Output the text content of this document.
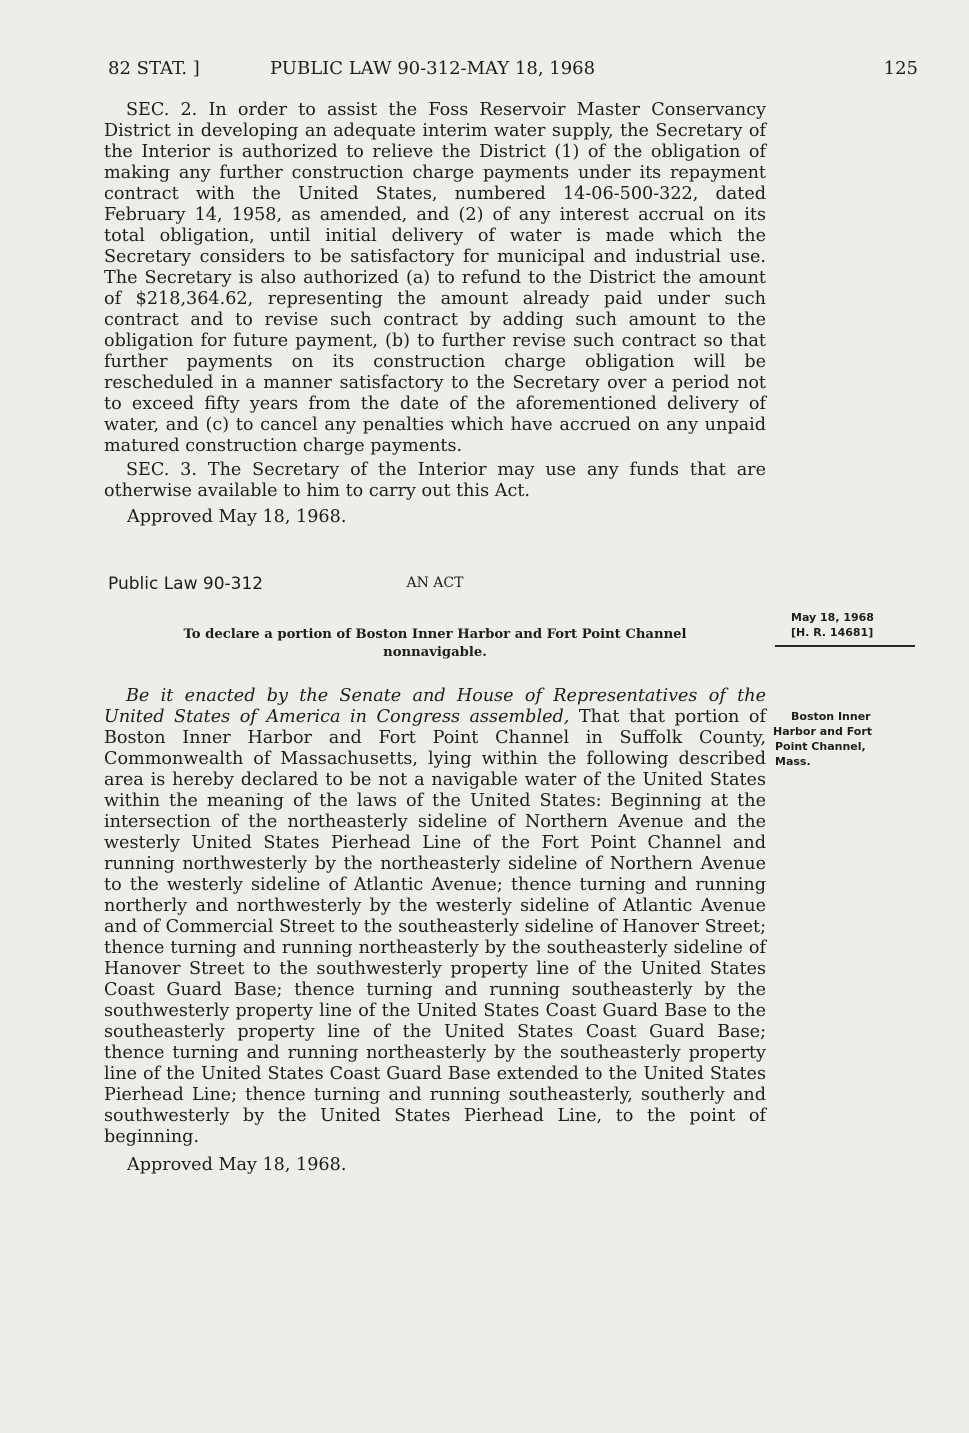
82 STAT. ]	PUBLIC LAW 90-312-MAY 18, 1968	125

SEC. 2. In order to assist the Foss Reservoir Master Conservancy District in developing an adequate interim water supply, the Secretary of the Interior is authorized to relieve the District (1) of the obligation of making any further construction charge payments under its repayment contract with the United States, numbered 14-06-500-322, dated February 14, 1958, as amended, and (2) of any interest accrual on its total obligation, until initial delivery of water is made which the Secretary considers to be satisfactory for municipal and industrial use. The Secretary is also authorized (a) to refund to the District the amount of $218,364.62, representing the amount already paid under such contract and to revise such contract by adding such amount to the obligation for future payment, (b) to further revise such contract so that further payments on its construction charge obligation will be rescheduled in a manner satisfactory to the Secretary over a period not to exceed fifty years from the date of the aforementioned delivery of water, and (c) to cancel any penalties which have accrued on any unpaid matured construction charge payments.

SEC. 3. The Secretary of the Interior may use any funds that are otherwise available to him to carry out this Act.

Approved May 18, 1968.
Public Law 90-312	AN ACT
To declare a portion of Boston Inner Harbor and Fort Point Channel
nonnavigable.

Be it enacted by the Senate and House of Representatives of the United States of America in Congress assembled, That that portion of Boston Inner Harbor and Fort Point Channel in Suffolk County, Commonwealth of Massachusetts, lying within the following described area is hereby declared to be not a navigable water of the United States within the meaning of the laws of the United States: Beginning at the intersection of the northeasterly sideline of Northern Avenue and the westerly United States Pierhead Line of the Fort Point Channel and running northwesterly by the northeasterly sideline of Northern Avenue to the westerly sideline of Atlantic Avenue; thence turning and running northerly and northwesterly by the westerly sideline of Atlantic Avenue and of Commercial Street to the southeasterly sideline of Hanover Street; thence turning and running northeasterly by the southeasterly sideline of Hanover Street to the southwesterly property line of the United States Coast Guard Base; thence turning and running southeasterly by the southwesterly property line of the United States Coast Guard Base to the southeasterly property line of the United States Coast Guard Base; thence turning and running northeasterly by the southeasterly property line of the United States Coast Guard Base extended to the United States Pierhead Line; thence turning and running southeasterly, southerly and southwesterly by the United States Pierhead Line, to the point of beginning.

Approved May 18, 1968.
May 18, 1968
[H. R. 14681]
Boston Inner
Harbor and Fort
Point Channel,
Mass.
